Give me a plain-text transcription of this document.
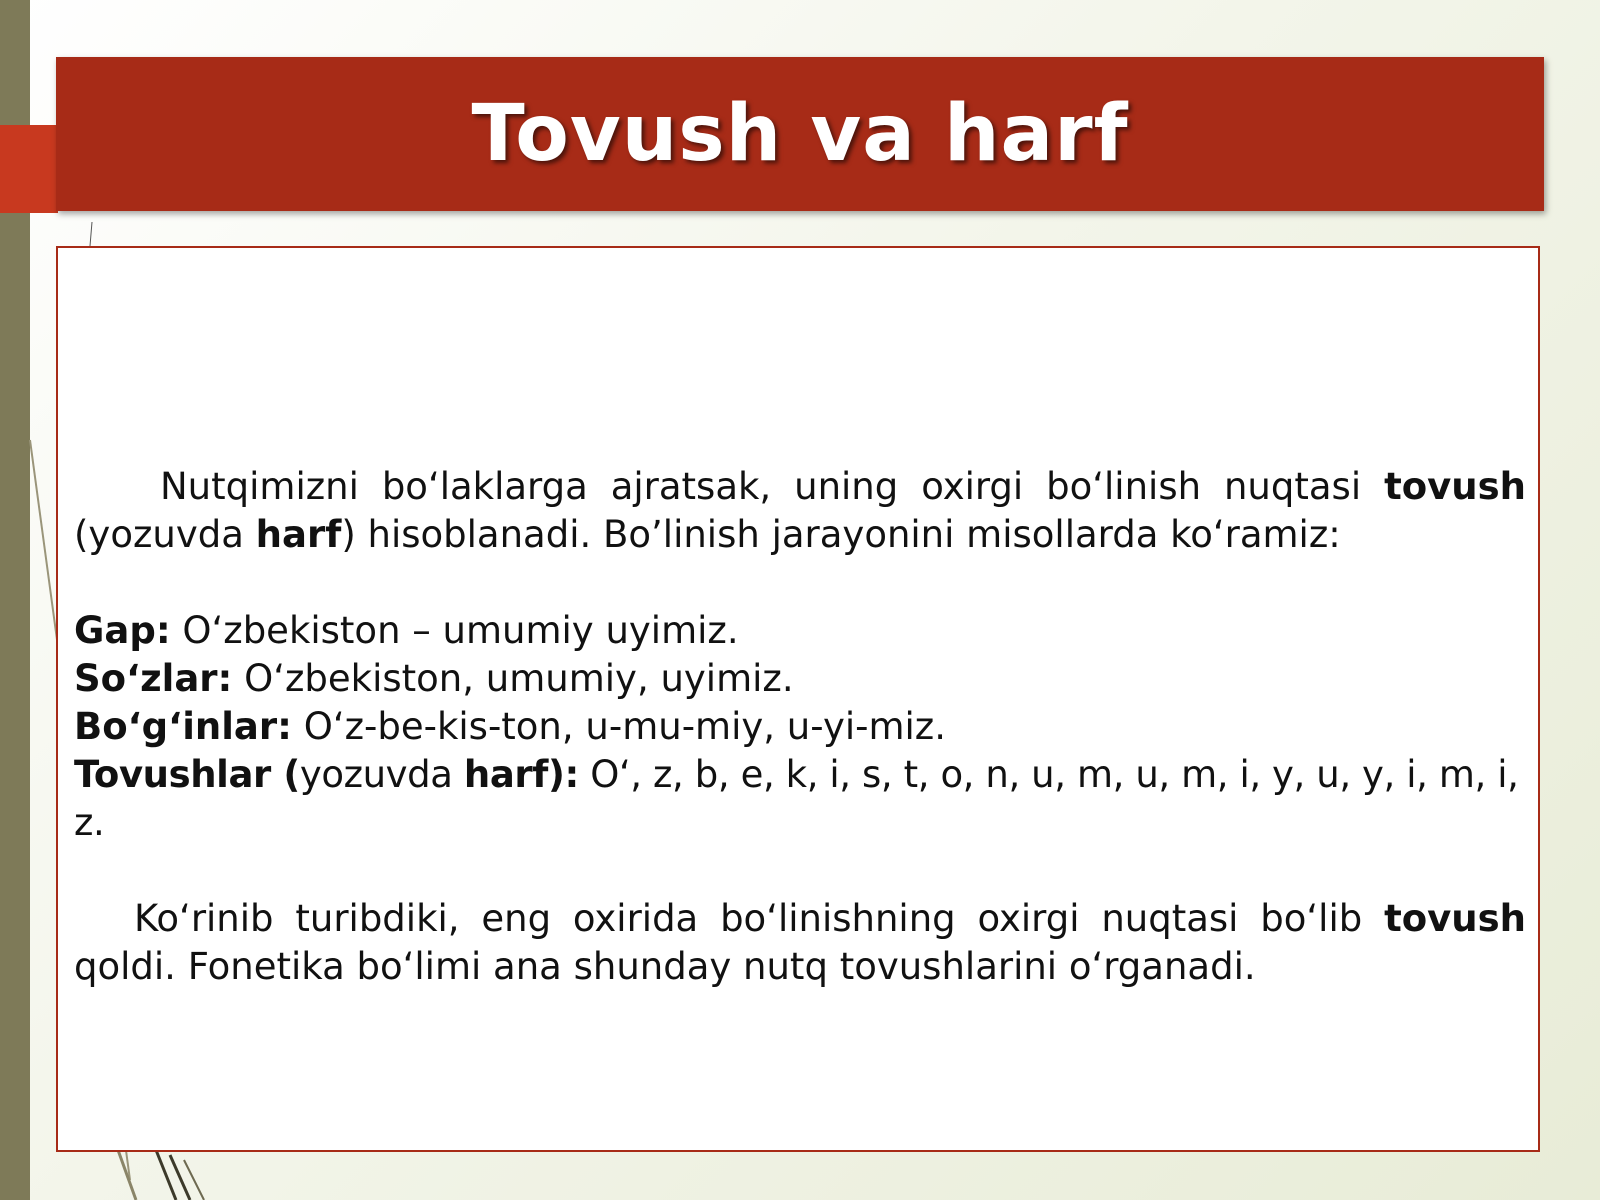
Tovush va harf

Nutqimizni bo‘laklarga ajratsak, uning oxirgi bo‘linish nuqtasi tovush (yozuvda harf) hisoblanadi. Bo’linish jarayonini misollarda ko‘ramiz:

Gap: O‘zbekiston – umumiy uyimiz.

So‘zlar: O‘zbekiston, umumiy, uyimiz.

Bo‘g‘inlar: O‘z-be-kis-ton, u-mu-miy, u-yi-miz.

Tovushlar (yozuvda harf): O‘, z, b, e, k, i, s, t, o, n, u, m, u, m, i, y, u, y, i, m, i, z.

Ko‘rinib turibdiki, eng oxirida bo‘linishning oxirgi nuqtasi bo‘lib tovush qoldi. Fonetika bo‘limi ana shunday nutq tovushlarini o‘rganadi.
